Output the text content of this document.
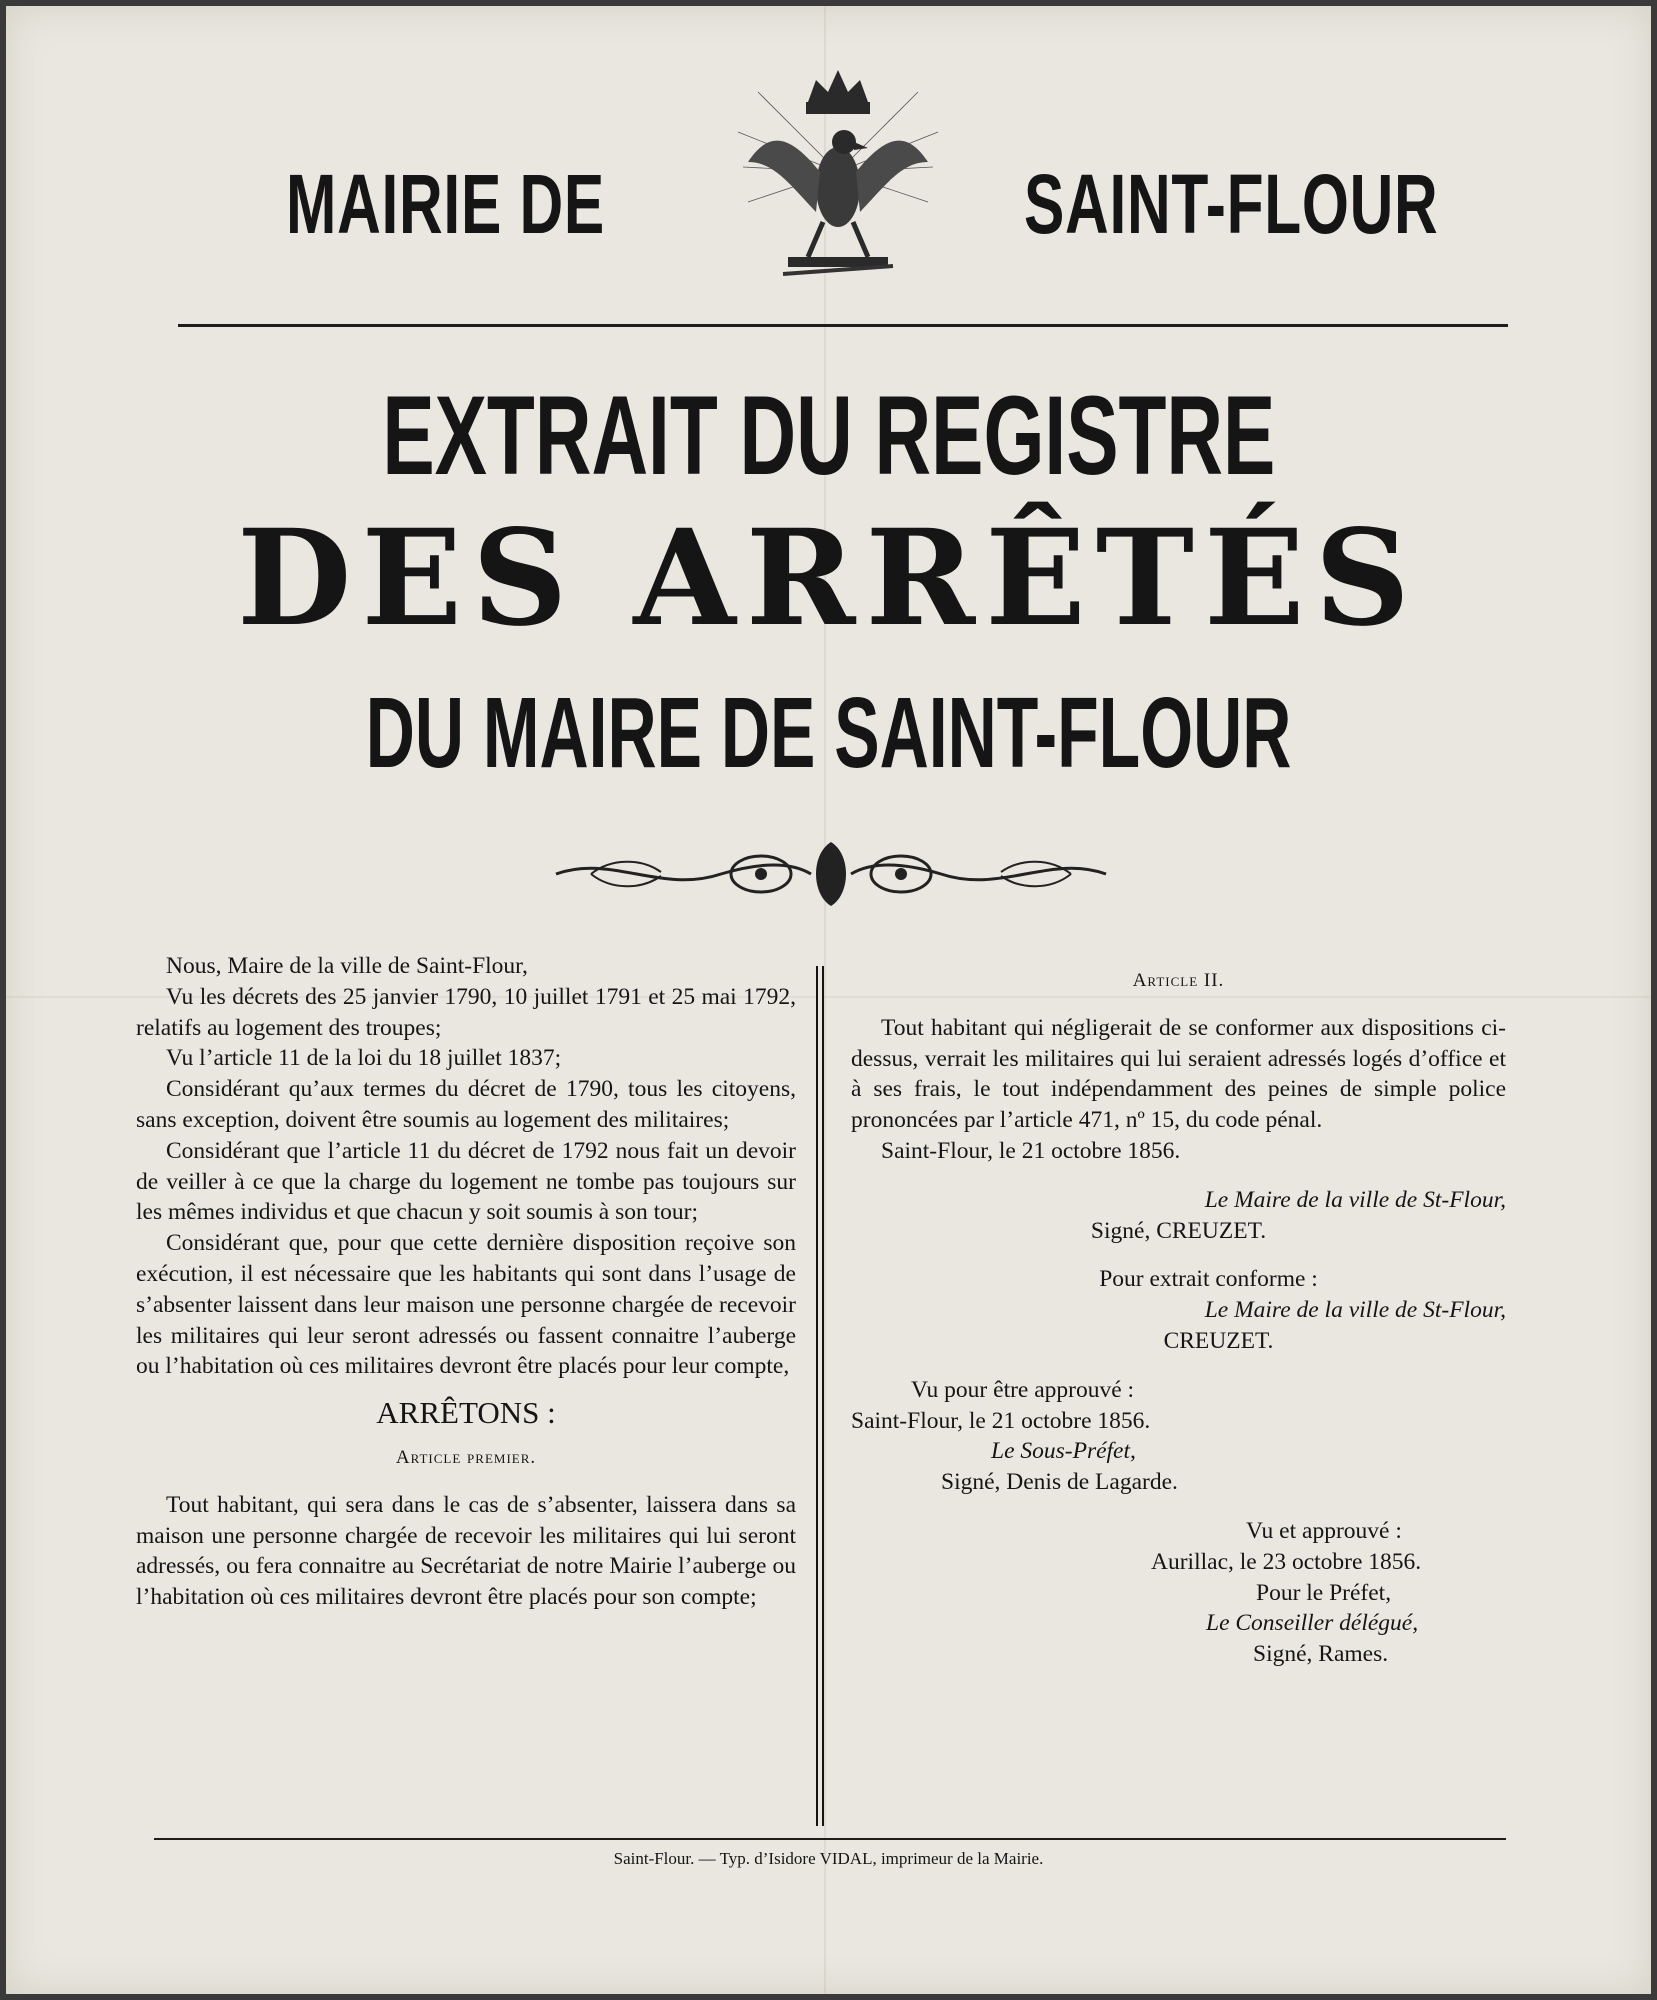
MAIRIE DE	SAINT-FLOUR
EXTRAIT DU REGISTRE
DES ARRÊTÉS
DU MAIRE DE SAINT-FLOUR

Nous, Maire de la ville de Saint-Flour,

Vu les décrets des 25 janvier 1790, 10 juillet 1791 et 25 mai 1792, relatifs au logement des troupes;

Vu l’article 11 de la loi du 18 juillet 1837;

Considérant qu’aux termes du décret de 1790, tous les citoyens, sans exception, doivent être soumis au logement des militaires;

Considérant que l’article 11 du décret de 1792 nous fait un devoir de veiller à ce que la charge du logement ne tombe pas toujours sur les mêmes individus et que chacun y soit soumis à son tour;

Considérant que, pour que cette dernière disposition reçoive son exécution, il est nécessaire que les habitants qui sont dans l’usage de s’absenter laissent dans leur maison une personne chargée de recevoir les militaires qui leur seront adressés ou fassent connaitre l’auberge ou l’habitation où ces militaires devront être placés pour leur compte,

ARRÊTONS :

Article premier.

Tout habitant, qui sera dans le cas de s’absenter, laissera dans sa maison une personne chargée de recevoir les militaires qui lui seront adressés, ou fera connaitre au Secrétariat de notre Mairie l’auberge ou l’habitation où ces militaires devront être placés pour son compte;

Article II.

Tout habitant qui négligerait de se conformer aux dispositions ci-dessus, verrait les militaires qui lui seraient adressés logés d’office et à ses frais, le tout indépendamment des peines de simple police prononcées par l’article 471, nº 15, du code pénal.

Saint-Flour, le 21 octobre 1856.

Le Maire de la ville de St-Flour,

Signé, CREUZET.

Pour extrait conforme :

Le Maire de la ville de St-Flour,

CREUZET.

Vu pour être approuvé :

Saint-Flour, le 21 octobre 1856.

Le Sous-Préfet,

Signé, Denis de Lagarde.

Vu et approuvé :

Aurillac, le 23 octobre 1856.

Pour le Préfet,

Le Conseiller délégué,

Signé, Rames.

Saint-Flour. — Typ. d’Isidore VIDAL, imprimeur de la Mairie.
